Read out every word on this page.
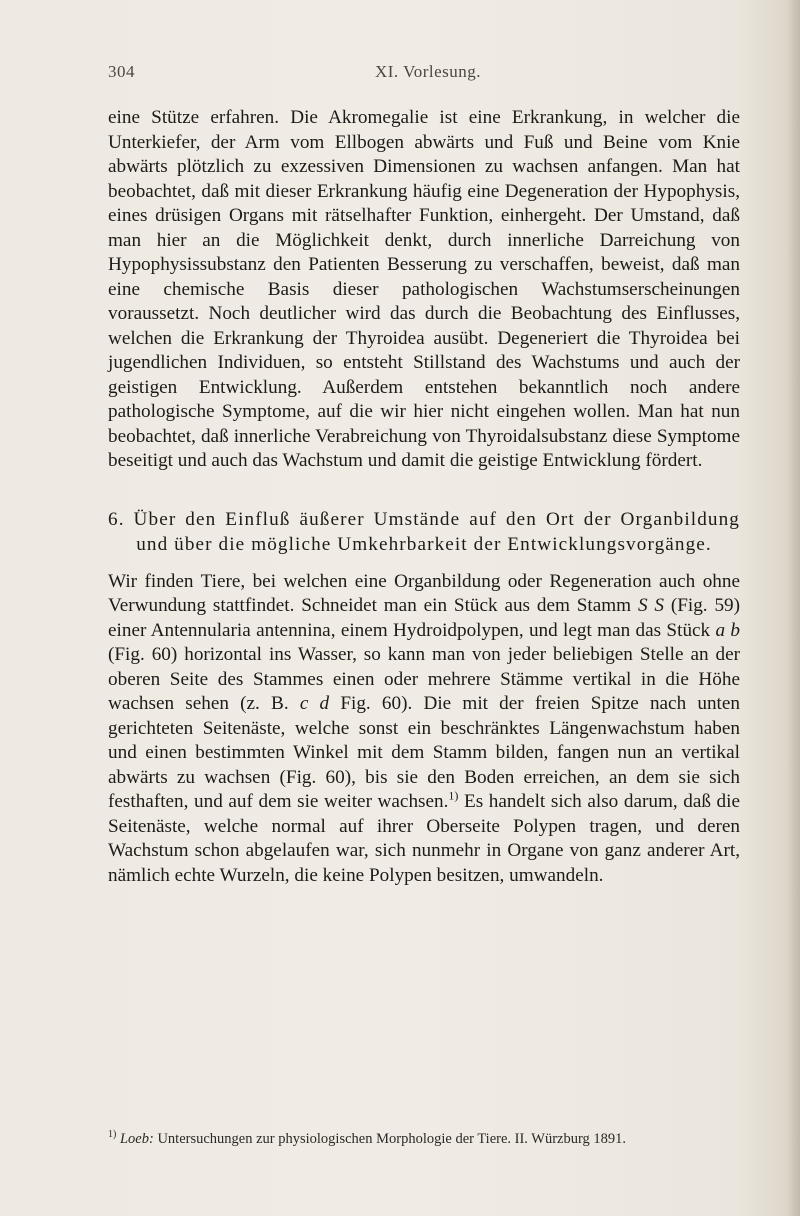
304	XI. Vorlesung.

eine Stütze erfahren. Die Akromegalie ist eine Erkrankung, in welcher die Unterkiefer, der Arm vom Ellbogen abwärts und Fuß und Beine vom Knie abwärts plötzlich zu exzessiven Dimensionen zu wachsen anfangen. Man hat beobachtet, daß mit dieser Erkrankung häufig eine Degeneration der Hypophysis, eines drüsigen Organs mit rätselhafter Funktion, einhergeht. Der Umstand, daß man hier an die Möglichkeit denkt, durch innerliche Darreichung von Hypophysissubstanz den Patienten Besserung zu verschaffen, beweist, daß man eine chemische Basis dieser pathologischen Wachstumserscheinungen voraussetzt. Noch deutlicher wird das durch die Beobachtung des Einflusses, welchen die Erkrankung der Thyroidea ausübt. Degeneriert die Thyroidea bei jugendlichen Individuen, so entsteht Stillstand des Wachstums und auch der geistigen Entwicklung. Außerdem entstehen bekanntlich noch andere pathologische Symptome, auf die wir hier nicht eingehen wollen. Man hat nun beobachtet, daß innerliche Verabreichung von Thyroidalsubstanz diese Symptome beseitigt und auch das Wachstum und damit die geistige Entwicklung fördert.

6. Über den Einfluß äußerer Umstände auf den Ort der Organbildung und über die mögliche Umkehrbarkeit der Entwicklungsvorgänge.

Wir finden Tiere, bei welchen eine Organbildung oder Regeneration auch ohne Verwundung stattfindet. Schneidet man ein Stück aus dem Stamm S S (Fig. 59) einer Antennularia antennina, einem Hydroidpolypen, und legt man das Stück a b (Fig. 60) horizontal ins Wasser, so kann man von jeder beliebigen Stelle an der oberen Seite des Stammes einen oder mehrere Stämme vertikal in die Höhe wachsen sehen (z. B. c d Fig. 60). Die mit der freien Spitze nach unten gerichteten Seitenäste, welche sonst ein beschränktes Längenwachstum haben und einen bestimmten Winkel mit dem Stamm bilden, fangen nun an vertikal abwärts zu wachsen (Fig. 60), bis sie den Boden erreichen, an dem sie sich festhaften, und auf dem sie weiter wachsen.$^{1)}$ Es handelt sich also darum, daß die Seitenäste, welche normal auf ihrer Oberseite Polypen tragen, und deren Wachstum schon abgelaufen war, sich nunmehr in Organe von ganz anderer Art, nämlich echte Wurzeln, die keine Polypen besitzen, umwandeln.

$^{1)}$ Loeb: Untersuchungen zur physiologischen Morphologie der Tiere. II. Würzburg 1891.
